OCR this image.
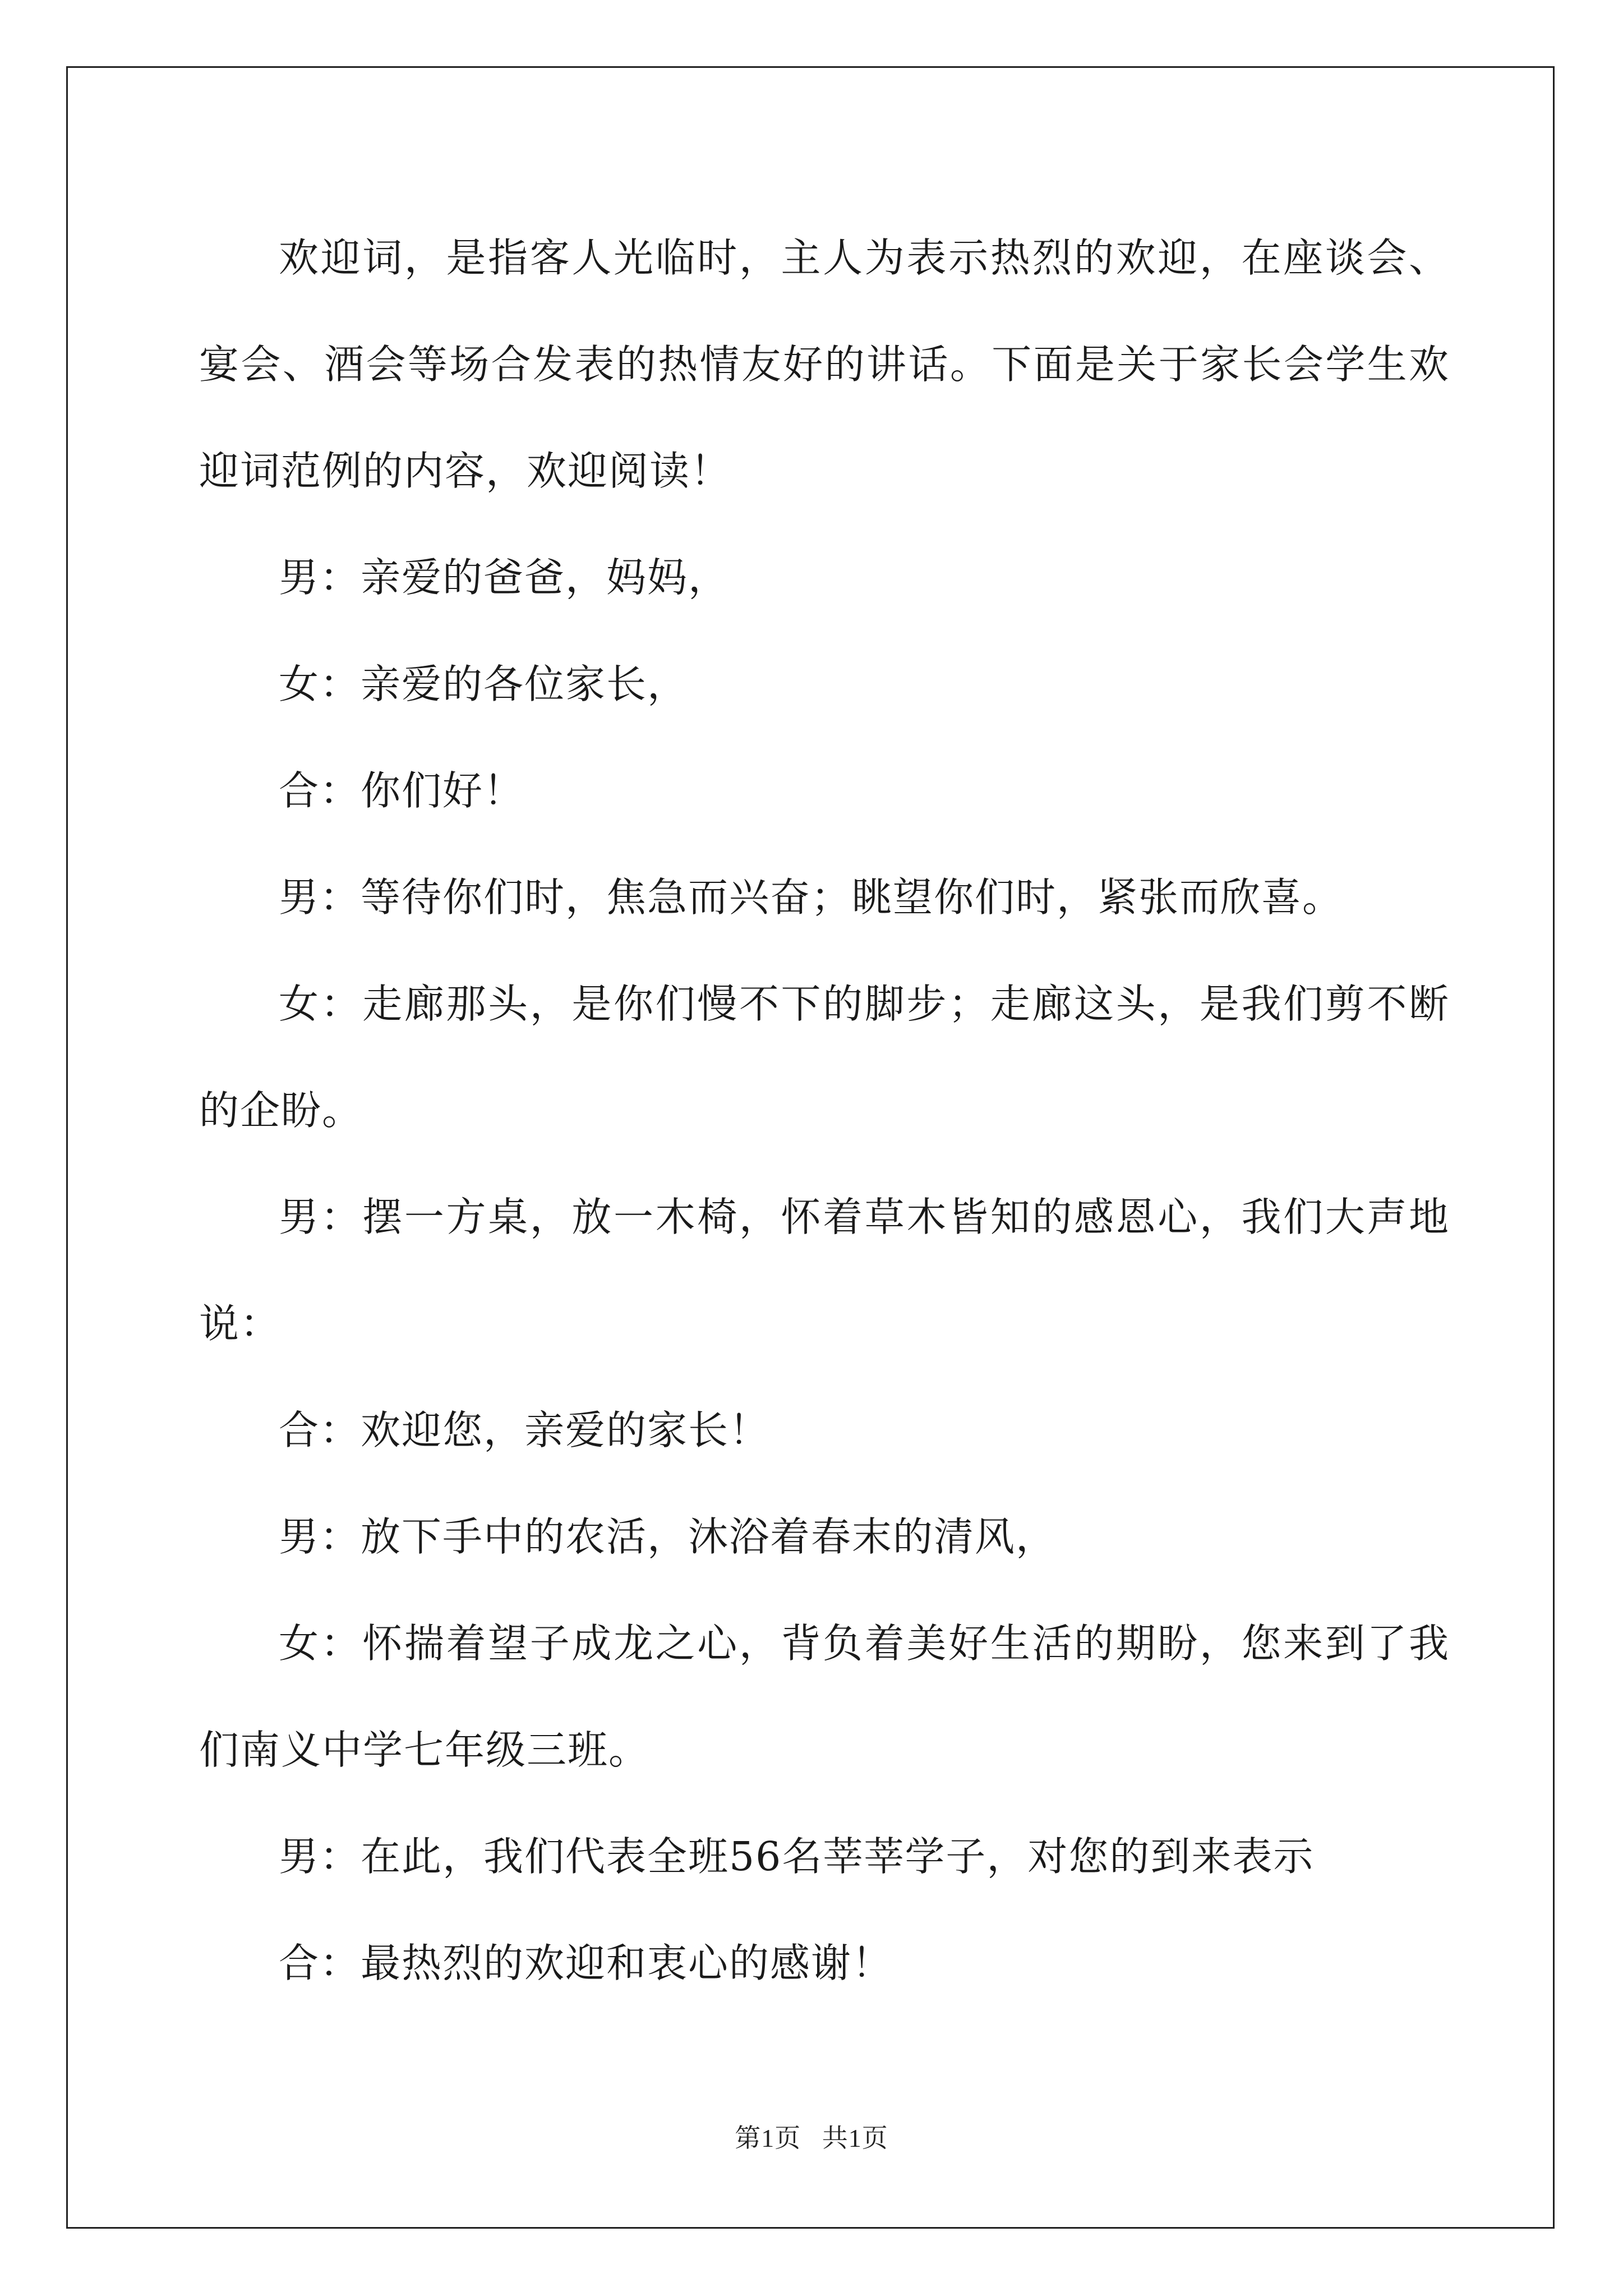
欢迎词，是指客人光临时，主人为表示热烈的欢迎，在座谈会、宴会、酒会等场合发表的热情友好的讲话。下面是关于家长会学生欢迎词范例的内容，欢迎阅读！

男：亲爱的爸爸，妈妈，

女：亲爱的各位家长，

合：你们好！

男：等待你们时，焦急而兴奋；眺望你们时，紧张而欣喜。

女：走廊那头，是你们慢不下的脚步；走廊这头，是我们剪不断的企盼。

男：摆一方桌，放一木椅，怀着草木皆知的感恩心，我们大声地说：

合：欢迎您，亲爱的家长！

男：放下手中的农活，沐浴着春末的清风，

女：怀揣着望子成龙之心，背负着美好生活的期盼，您来到了我们南义中学七年级三班。

男：在此，我们代表全班56名莘莘学子，对您的到来表示

合：最热烈的欢迎和衷心的感谢！

第1页 共1页
